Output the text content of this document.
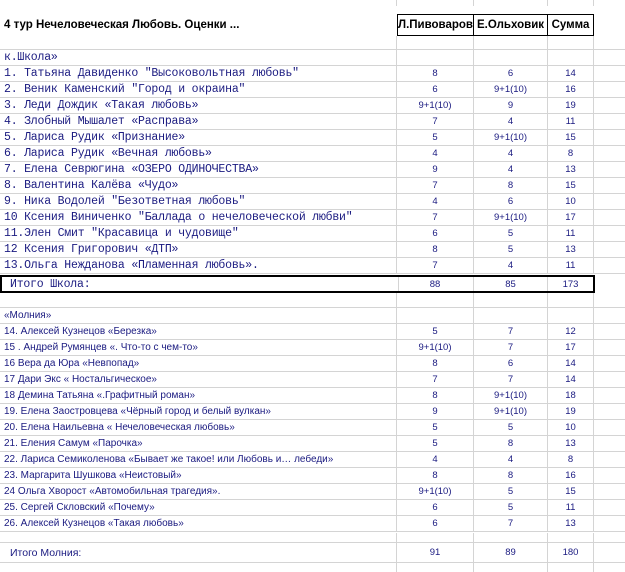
4 тур Нечеловеческая Любовь. Оценки ...	Л.Пивоваров Е.Ольховик Сумма
к.Школа»
1. Татьяна Давиденко "Высоковольтная любовь"	8	6	14
2. Веник Каменский "Город и окраина"	6	9+1(10)	16
3. Леди Дождик «Такая любовь»	9+1(10)	9	19
4. Злобный Мышалет «Расправа»	7	4	11
5. Лариса Рудик «Признание»	5	9+1(10)	15
6. Лариса Рудик «Вечная любовь»	4	4	8
7. Елена Севрюгина «ОЗЕРО ОДИНОЧЕСТВА»	9	4	13
8. Валентина Калёва «Чудо»	7	8	15
9. Ника Водолей "Безответная любовь"	4	6	10
10 Ксения Виниченко "Баллада о нечеловеческой любви"	7	9+1(10)	17
11.Элен Смит "Красавица и чудовище"	6	5	11
12 Ксения Григорович «ДТП»	8	5	13
13.Ольга Нежданова «Пламенная любовь».	7	4	11
Итого Школа:	88	85	173
«Молния»
14. Алексей Кузнецов «Березка»	5	7	12
15 . Андрей Румянцев «. Что-то с чем-то»	9+1(10)	7	17
16 Вера да Юра «Невпопад»	8	6	14
17 Дари Экс « Ностальгическое»	7	7	14
18 Демина Татьяна «.Графитный роман»	8	9+1(10)	18
19. Елена Заостровцева «Чёрный город и белый вулкан»	9	9+1(10)	19
20. Елена Наильевна « Нечеловеческая любовь»	5	5	10
21. Еления Самум «Парочка»	5	8	13
22. Лариса Семиколенова «Бывает же такое! или Любовь и… лебеди»	4	4	8
23. Маргарита Шушкова «Неистовый»	8	8	16
24 Ольга Хворост «Автомобильная трагедия».	9+1(10)	5	15
25. Сергей Скловский «Почему»	6	5	11
26. Алексей Кузнецов «Такая любовь»	6	7	13
Итого Молния:	91	89	180
